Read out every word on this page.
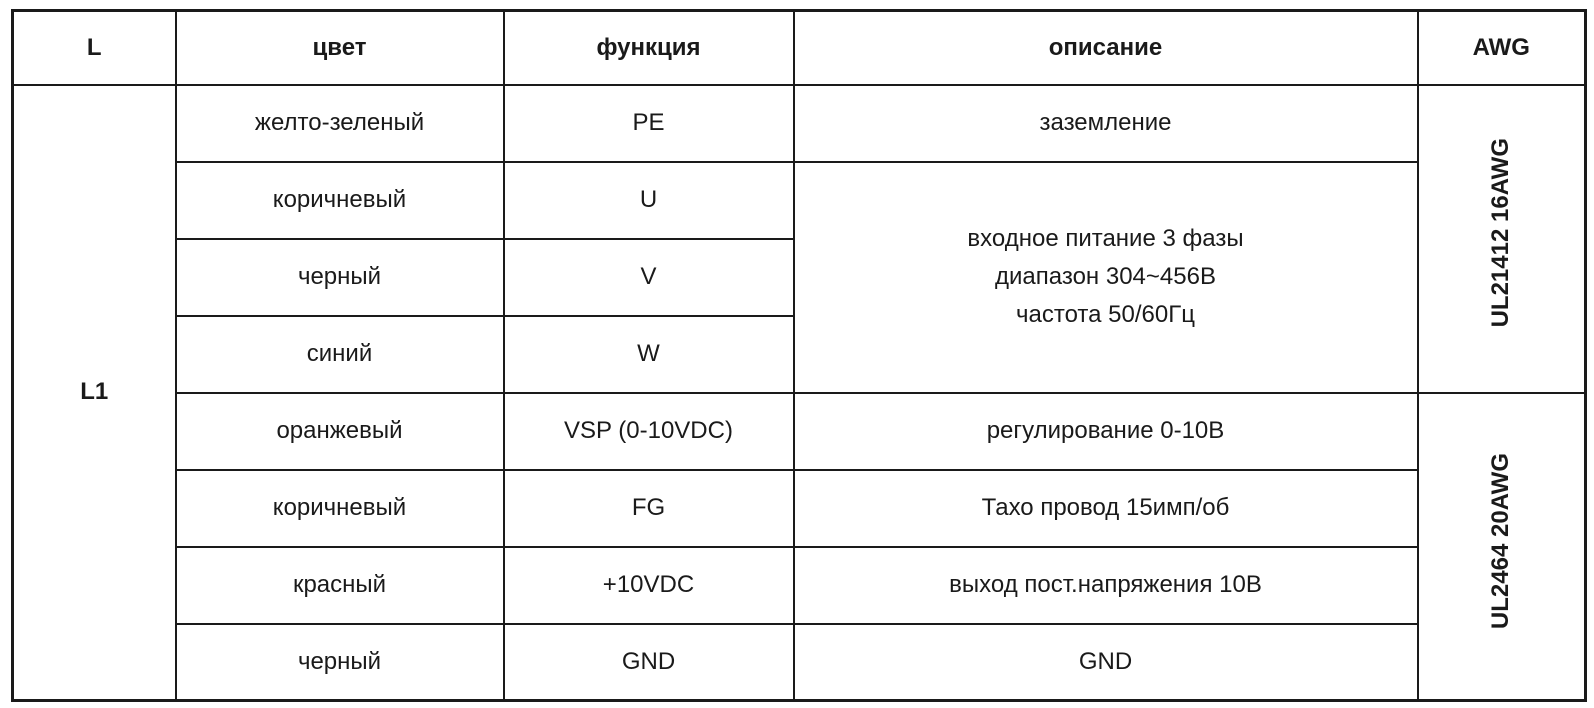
L	цвет	функция	описание	AWG
L1	желто-зеленый	PE	заземление	UL21412 16AWG
	коричневый	U	входное питание 3 фазы
диапазон 304~456В
частота 50/60Гц	

	черный	V		
	синий	W		
	оранжевый	VSP (0-10VDC)	регулирование 0-10В	UL2464 20AWG
	коричневый	FG	Тахо провод 15имп/об	
	красный	+10VDC	выход пост.напряжения 10В	
	черный	GND	GND	
